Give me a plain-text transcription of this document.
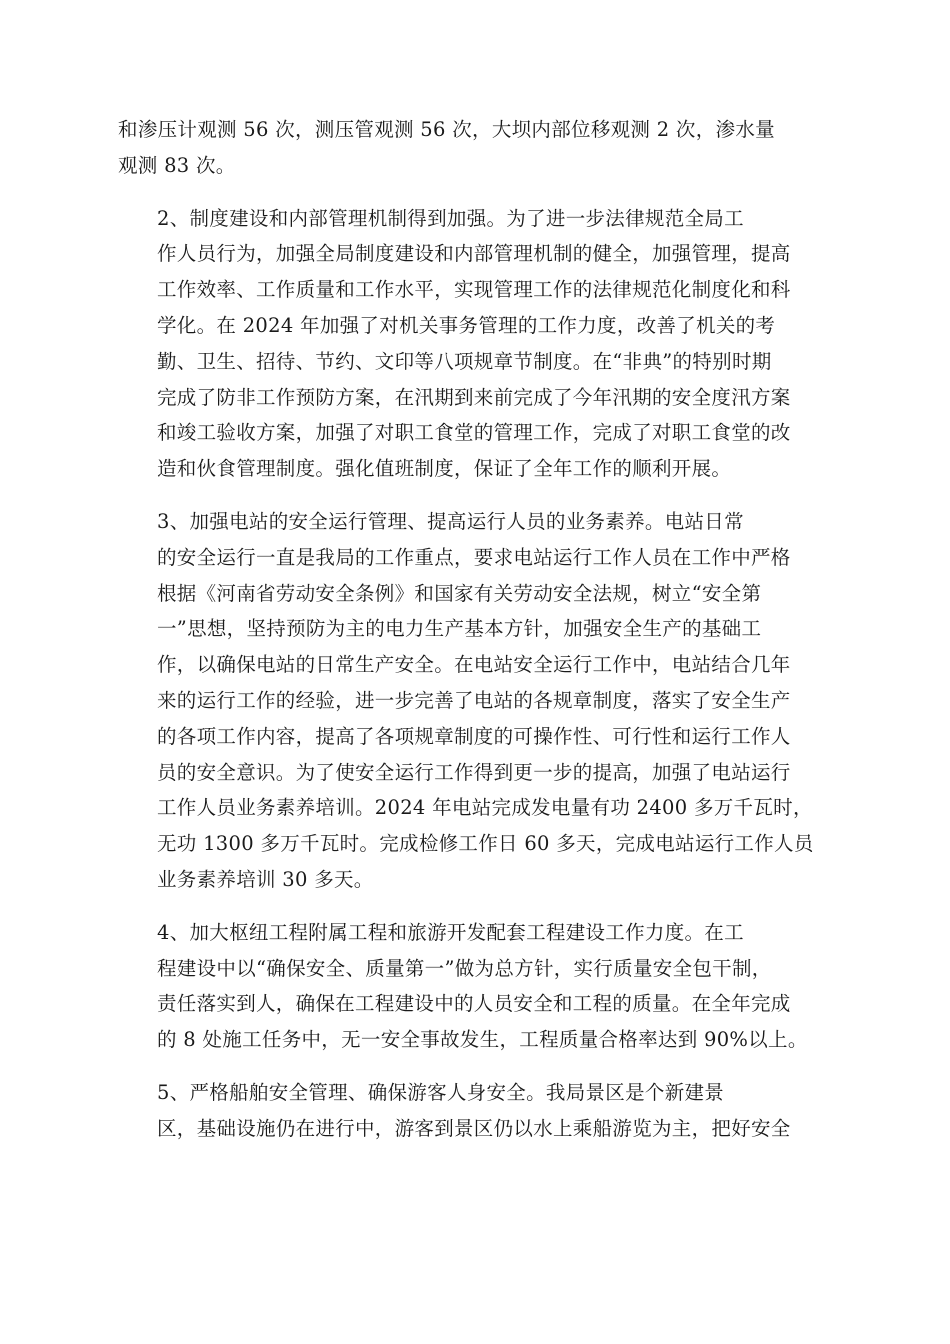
和渗压计观测 56 次，测压管观测 56 次，大坝内部位移观测 2 次，渗水量
观测 83 次。

2、制度建设和内部管理机制得到加强。为了进一步法律规范全局工
作人员行为，加强全局制度建设和内部管理机制的健全，加强管理，提高
工作效率、工作质量和工作水平，实现管理工作的法律规范化制度化和科
学化。在 2024 年加强了对机关事务管理的工作力度，改善了机关的考
勤、卫生、招待、节约、文印等八项规章节制度。在“非典”的特别时期
完成了防非工作预防方案，在汛期到来前完成了今年汛期的安全度汛方案
和竣工验收方案，加强了对职工食堂的管理工作，完成了对职工食堂的改
造和伙食管理制度。强化值班制度，保证了全年工作的顺利开展。

3、加强电站的安全运行管理、提高运行人员的业务素养。电站日常
的安全运行一直是我局的工作重点，要求电站运行工作人员在工作中严格
根据《河南省劳动安全条例》和国家有关劳动安全法规，树立“安全第
一”思想，坚持预防为主的电力生产基本方针，加强安全生产的基础工
作，以确保电站的日常生产安全。在电站安全运行工作中，电站结合几年
来的运行工作的经验，进一步完善了电站的各规章制度，落实了安全生产
的各项工作内容，提高了各项规章制度的可操作性、可行性和运行工作人
员的安全意识。为了使安全运行工作得到更一步的提高，加强了电站运行
工作人员业务素养培训。2024 年电站完成发电量有功 2400 多万千瓦时，
无功 1300 多万千瓦时。完成检修工作日 60 多天，完成电站运行工作人员
业务素养培训 30 多天。

4、加大枢纽工程附属工程和旅游开发配套工程建设工作力度。在工
程建设中以“确保安全、质量第一”做为总方针，实行质量安全包干制，
责任落实到人，确保在工程建设中的人员安全和工程的质量。在全年完成
的 8 处施工任务中，无一安全事故发生，工程质量合格率达到 90%以上。

5、严格船舶安全管理、确保游客人身安全。我局景区是个新建景
区，基础设施仍在进行中，游客到景区仍以水上乘船游览为主，把好安全
